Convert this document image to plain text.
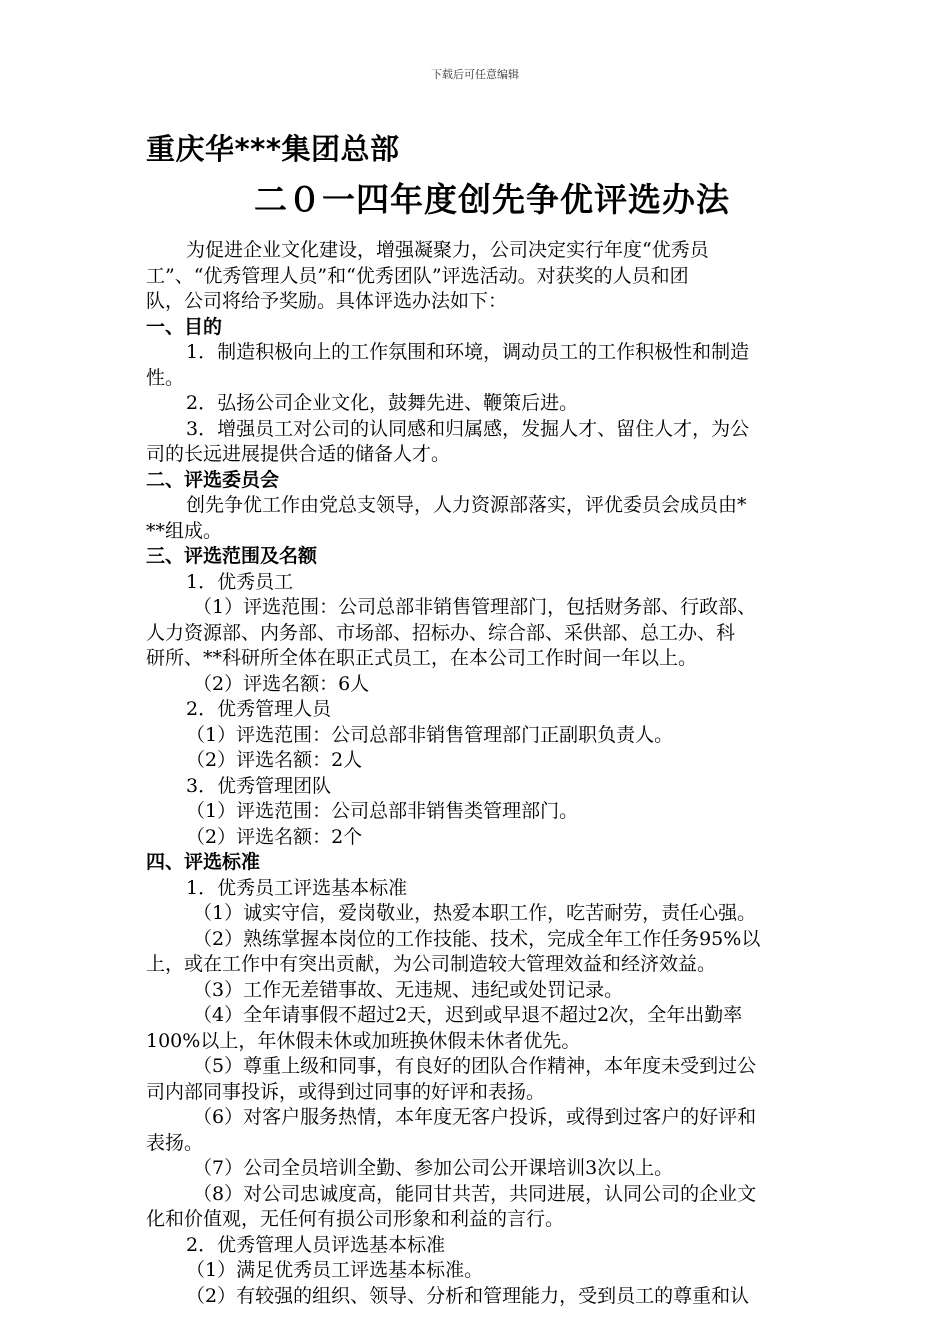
下载后可任意编辑
重庆华***集团总部
二０一四年度创先争优评选办法
为促进企业文化建设，增强凝聚力，公司决定实行年度“优秀员
工”、“优秀管理人员”和“优秀团队”评选活动。对获奖的人员和团
队，公司将给予奖励。具体评选办法如下：
一、目的
1．制造积极向上的工作氛围和环境，调动员工的工作积极性和制造
性。
2．弘扬公司企业文化，鼓舞先进、鞭策后进。
3．增强员工对公司的认同感和归属感，发掘人才、留住人才，为公
司的长远进展提供合适的储备人才。
二、评选委员会
创先争优工作由党总支领导，人力资源部落实，评优委员会成员由*
**组成。
三、评选范围及名额
1．优秀员工
（1）评选范围：公司总部非销售管理部门，包括财务部、行政部、
人力资源部、内务部、市场部、招标办、综合部、采供部、总工办、科
研所、**科研所全体在职正式员工，在本公司工作时间一年以上。
（2）评选名额：6人
2．优秀管理人员
（1）评选范围：公司总部非销售管理部门正副职负责人。
（2）评选名额：2人
3．优秀管理团队
（1）评选范围：公司总部非销售类管理部门。
（2）评选名额：2个
四、评选标准
1．优秀员工评选基本标准
（1）诚实守信，爱岗敬业，热爱本职工作，吃苦耐劳，责任心强。
（2）熟练掌握本岗位的工作技能、技术，完成全年工作任务95%以
上，或在工作中有突出贡献，为公司制造较大管理效益和经济效益。
（3）工作无差错事故、无违规、违纪或处罚记录。
（4）全年请事假不超过2天，迟到或早退不超过2次，全年出勤率
100%以上，年休假未休或加班换休假未休者优先。
（5）尊重上级和同事，有良好的团队合作精神，本年度未受到过公
司内部同事投诉，或得到过同事的好评和表扬。
（6）对客户服务热情，本年度无客户投诉，或得到过客户的好评和
表扬。
（7）公司全员培训全勤、参加公司公开课培训3次以上。
（8）对公司忠诚度高，能同甘共苦，共同进展，认同公司的企业文
化和价值观，无任何有损公司形象和利益的言行。
2．优秀管理人员评选基本标准
（1）满足优秀员工评选基本标准。
（2）有较强的组织、领导、分析和管理能力，受到员工的尊重和认
